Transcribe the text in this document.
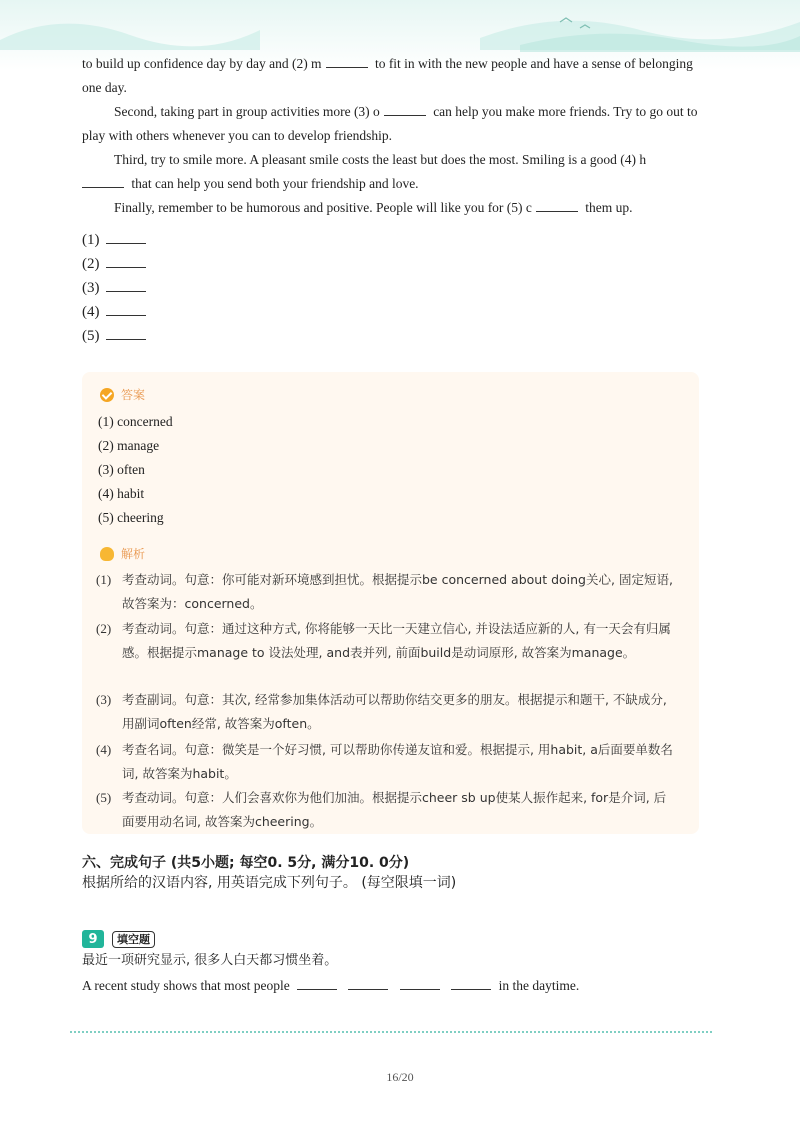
to build up confidence day by day and (2) m	to fit in with the new people and have a sense of belonging one day.

Second, taking part in group activities more (3) o	can help you make more friends. Try to go out to play with others whenever you can to develop friendship.

Third, try to smile more. A pleasant smile costs the least but does the most. Smiling is a good (4) h
that can help you send both your friendship and love.

Finally, remember to be humorous and positive. People will like you for (5) c	them up.

(1)
(2)
(3)
(4)
(5)
答案
(1) concerned
(2) manage
(3) often
(4) habit
(5) cheering
解析
(1) 考查动词。句意：你可能对新环境感到担忧。根据提示be concerned about doing关心, 固定短语, 故答案为：concerned。
(2) 考查动词。句意：通过这种方式, 你将能够一天比一天建立信心, 并设法适应新的人, 有一天会有归属感。根据提示manage to 设法处理, and表并列, 前面build是动词原形, 故答案为manage。
(3) 考查副词。句意：其次, 经常参加集体活动可以帮助你结交更多的朋友。根据提示和题干, 不缺成分, 用副词often经常, 故答案为often。
(4) 考查名词。句意：微笑是一个好习惯, 可以帮助你传递友谊和爱。根据提示, 用habit, a后面要单数名词, 故答案为habit。
(5) 考查动词。句意：人们会喜欢你为他们加油。根据提示cheer sb up使某人振作起来, for是介词, 后面要用动名词, 故答案为cheering。
六、完成句子 (共5小题; 每空0. 5分, 满分10. 0分)
根据所给的汉语内容, 用英语完成下列句子。 (每空限填一词)
9	填空题
最近一项研究显示, 很多人白天都习惯坐着。
A recent study shows that most people	in the daytime.
16/20
